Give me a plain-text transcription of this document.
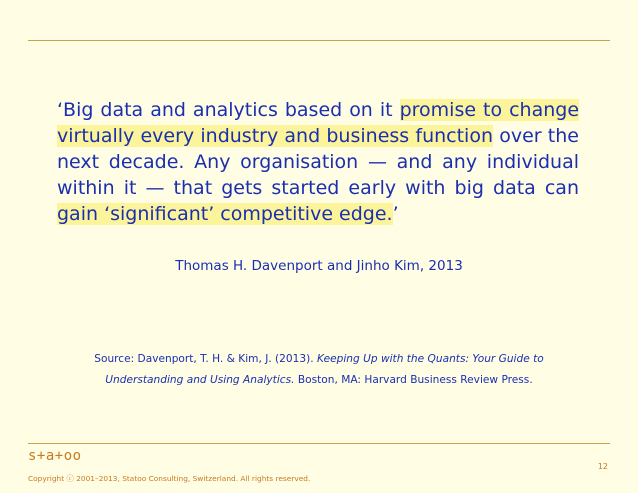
‘Big data and analytics based on it promise to change
virtually every industry and business function over the
next decade. Any organisation — and any individual
within it — that gets started early with big data can
gain ‘significant’ competitive edge.’
Thomas H. Davenport and Jinho Kim, 2013
Source: Davenport, T. H. & Kim, J. (2013). Keeping Up with the Quants: Your Guide to
Understanding and Using Analytics. Boston, MA: Harvard Business Review Press.
s+a+oo
Copyright ⓒ 2001–2013, Statoo Consulting, Switzerland. All rights reserved.
12
